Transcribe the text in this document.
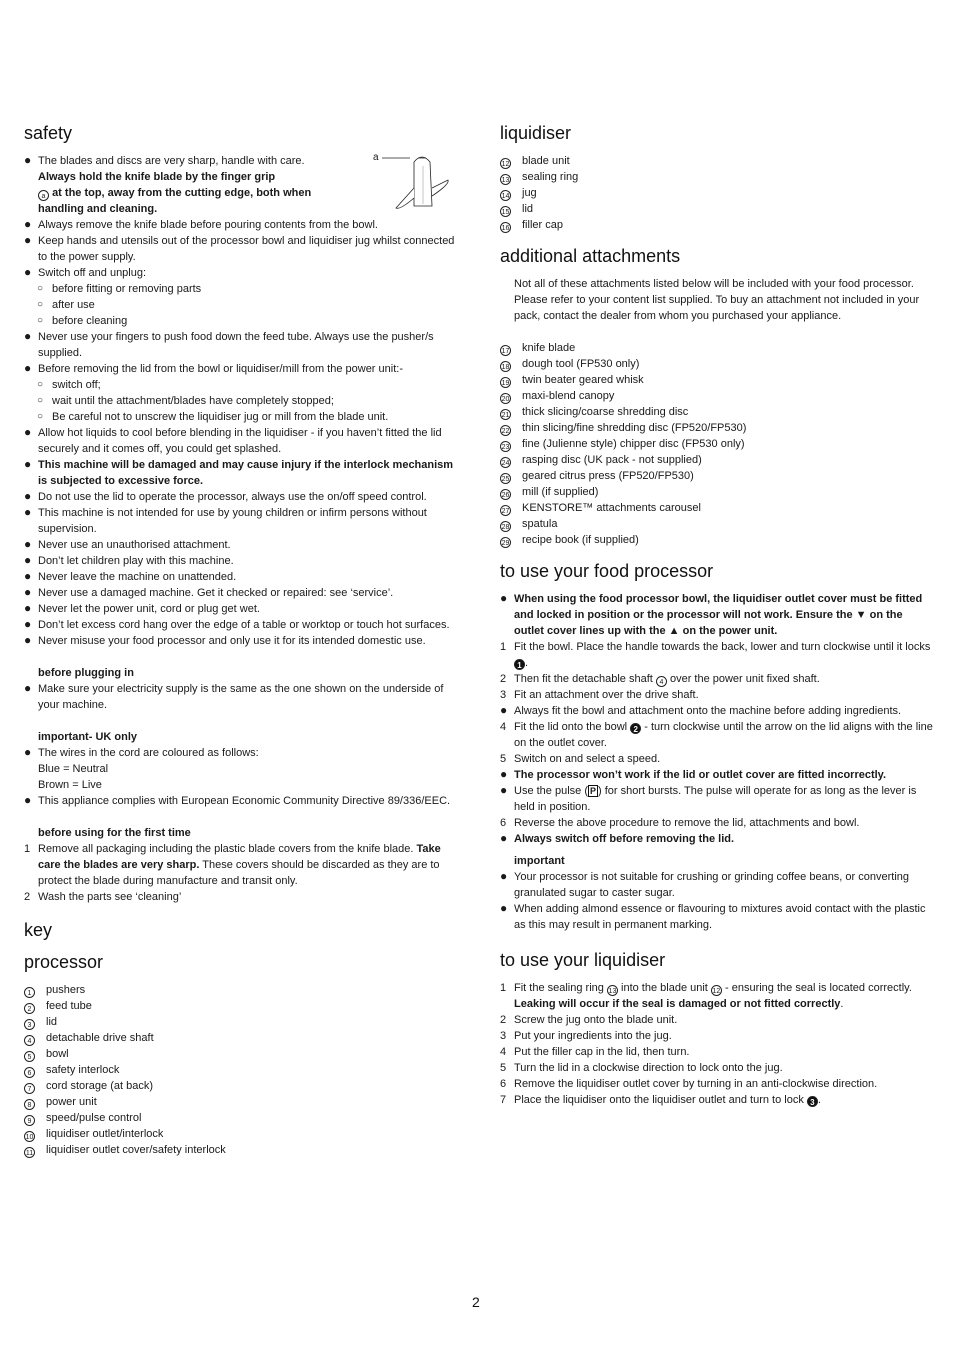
a
safety
● The blades and discs are very sharp, handle with care.
Always hold the knife blade by the finger grip
a at the top, away from the cutting edge, both when handling and cleaning.
● Always remove the knife blade before pouring contents from the bowl.
● Keep hands and utensils out of the processor bowl and liquidiser jug whilst connected to the power supply.
● Switch off and unplug:
○ before fitting or removing parts
○ after use
○ before cleaning
● Never use your fingers to push food down the feed tube. Always use the pusher/s supplied.
● Before removing the lid from the bowl or liquidiser/mill from the power unit:-
○ switch off;
○ wait until the attachment/blades have completely stopped;
○ Be careful not to unscrew the liquidiser jug or mill from the blade unit.
● Allow hot liquids to cool before blending in the liquidiser - if you haven’t fitted the lid securely and it comes off, you could get splashed.
● This machine will be damaged and may cause injury if the interlock mechanism is subjected to excessive force.
● Do not use the lid to operate the processor, always use the on/off speed control.
● This machine is not intended for use by young children or infirm persons without supervision.
● Never use an unauthorised attachment.
● Don’t let children play with this machine.
● Never leave the machine on unattended.
● Never use a damaged machine. Get it checked or repaired: see ‘service’.
● Never let the power unit, cord or plug get wet.
● Don’t let excess cord hang over the edge of a table or worktop or touch hot surfaces.
● Never misuse your food processor and only use it for its intended domestic use.
before plugging in
● Make sure your electricity supply is the same as the one shown on the underside of your machine.
important- UK only
● The wires in the cord are coloured as follows:
Blue = Neutral
Brown = Live
● This appliance complies with European Economic Community Directive 89/336/EEC.
before using for the first time
1 Remove all packaging including the plastic blade covers from the knife blade. Take care the blades are very sharp. These covers should be discarded as they are to protect the blade during manufacture and transit only.
2 Wash the parts see ‘cleaning’
key
processor
1	pushers
2	feed tube
3	lid
4	detachable drive shaft
5	bowl
6	safety interlock
7	cord storage (at back)
8	power unit
9	speed/pulse control
10	liquidiser outlet/interlock
11	liquidiser outlet cover/safety interlock
liquidiser
12	blade unit
13	sealing ring
14	jug
15	lid
16	filler cap
additional attachments
Not all of these attachments listed below will be included with your food processor. Please refer to your content list supplied. To buy an attachment not included in your pack, contact the dealer from whom you purchased your appliance.
17	knife blade
18	dough tool (FP530 only)
19	twin beater geared whisk
20	maxi-blend canopy
21	thick slicing/coarse shredding disc
22	thin slicing/fine shredding disc (FP520/FP530)
23	fine (Julienne style) chipper disc (FP530 only)
24	rasping disc (UK pack - not supplied)
25	geared citrus press (FP520/FP530)
26	mill (if supplied)
27	KENSTORE™ attachments carousel
28	spatula
29	recipe book (if supplied)
to use your food processor
● When using the food processor bowl, the liquidiser outlet cover must be fitted and locked in position or the processor will not work. Ensure the ▼ on the outlet cover lines up with the ▲ on the power unit.
1 Fit the bowl. Place the handle towards the back, lower and turn clockwise until it locks 1 .
2 Then fit the detachable shaft 4 over the power unit fixed shaft.
3 Fit an attachment over the drive shaft.
● Always fit the bowl and attachment onto the machine before adding ingredients.
4 Fit the lid onto the bowl 2 - turn clockwise until the arrow on the lid aligns with the line on the outlet cover.
5 Switch on and select a speed.
● The processor won’t work if the lid or outlet cover are fitted incorrectly.
● Use the pulse ( P ) for short bursts. The pulse will operate for as long as the lever is held in position.
6 Reverse the above procedure to remove the lid, attachments and bowl.
● Always switch off before removing the lid.
important
● Your processor is not suitable for crushing or grinding coffee beans, or converting granulated sugar to caster sugar.
● When adding almond essence or flavouring to mixtures avoid contact with the plastic as this may result in permanent marking.
to use your liquidiser
1 Fit the sealing ring 13 into the blade unit 12 - ensuring the seal is located correctly. Leaking will occur if the seal is damaged or not fitted correctly.
2 Screw the jug onto the blade unit.
3 Put your ingredients into the jug.
4 Put the filler cap in the lid, then turn.
5 Turn the lid in a clockwise direction to lock onto the jug.
6 Remove the liquidiser outlet cover by turning in an anti-clockwise direction.
7 Place the liquidiser onto the liquidiser outlet and turn to lock 3 .
2
